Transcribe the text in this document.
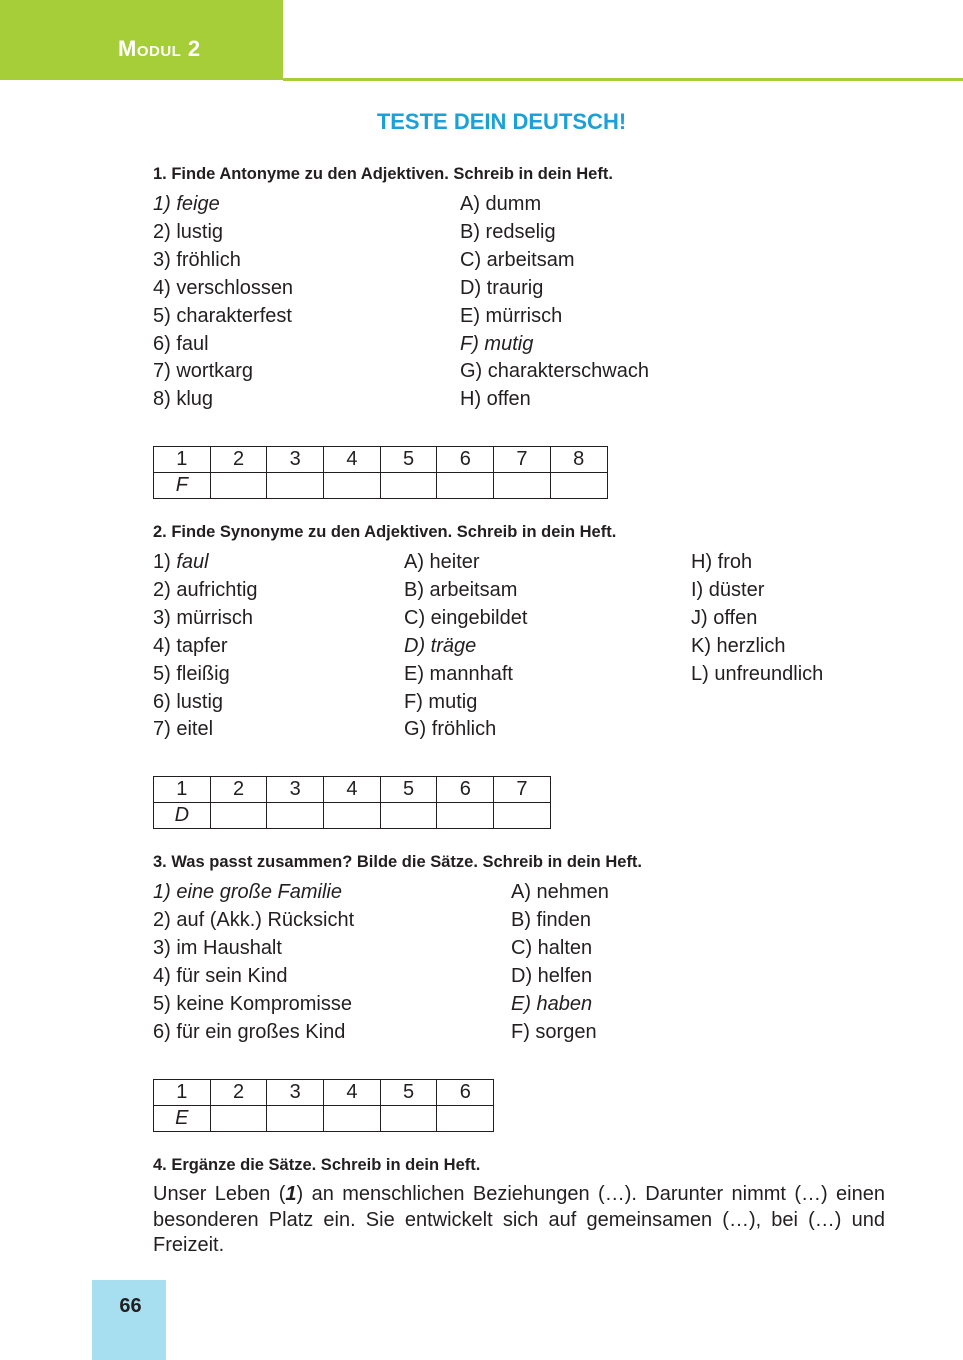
Modul 2
TESTE DEIN DEUTSCH!
1. Finde Antonyme zu den Adjektiven. Schreib in dein Heft.
1) feige
2) lustig
3) fröhlich
4) verschlossen
5) charakterfest
6) faul
7) wortkarg
8) klug
A) dumm
B) redselig
C) arbeitsam
D) traurig
E) mürrisch
F) mutig
G) charakterschwach
H) offen
1	2	3	4	5	6	7	8
F							
2. Finde Synonyme zu den Adjektiven. Schreib in dein Heft.
1) faul
2) aufrichtig
3) mürrisch
4) tapfer
5) fleißig
6) lustig
7) eitel
A) heiter
B) arbeitsam
C) eingebildet
D) träge
E) mannhaft
F) mutig
G) fröhlich
H) froh
I) düster
J) offen
K) herzlich
L) unfreundlich
1	2	3	4	5	6	7
D						
3. Was passt zusammen? Bilde die Sätze. Schreib in dein Heft.
1) eine große Familie
2) auf (Akk.) Rücksicht
3) im Haushalt
4) für sein Kind
5) keine Kompromisse
6) für ein großes Kind
A) nehmen
B) finden
C) halten
D) helfen
E) haben
F) sorgen
1	2	3	4	5	6
E					
4. Ergänze die Sätze. Schreib in dein Heft.
Unser Leben (1) an menschlichen Beziehungen (…). Darunter nimmt (…) einen besonderen Platz ein. Sie entwickelt sich auf gemeinsamen (…), bei (…) und Freizeit.
66
